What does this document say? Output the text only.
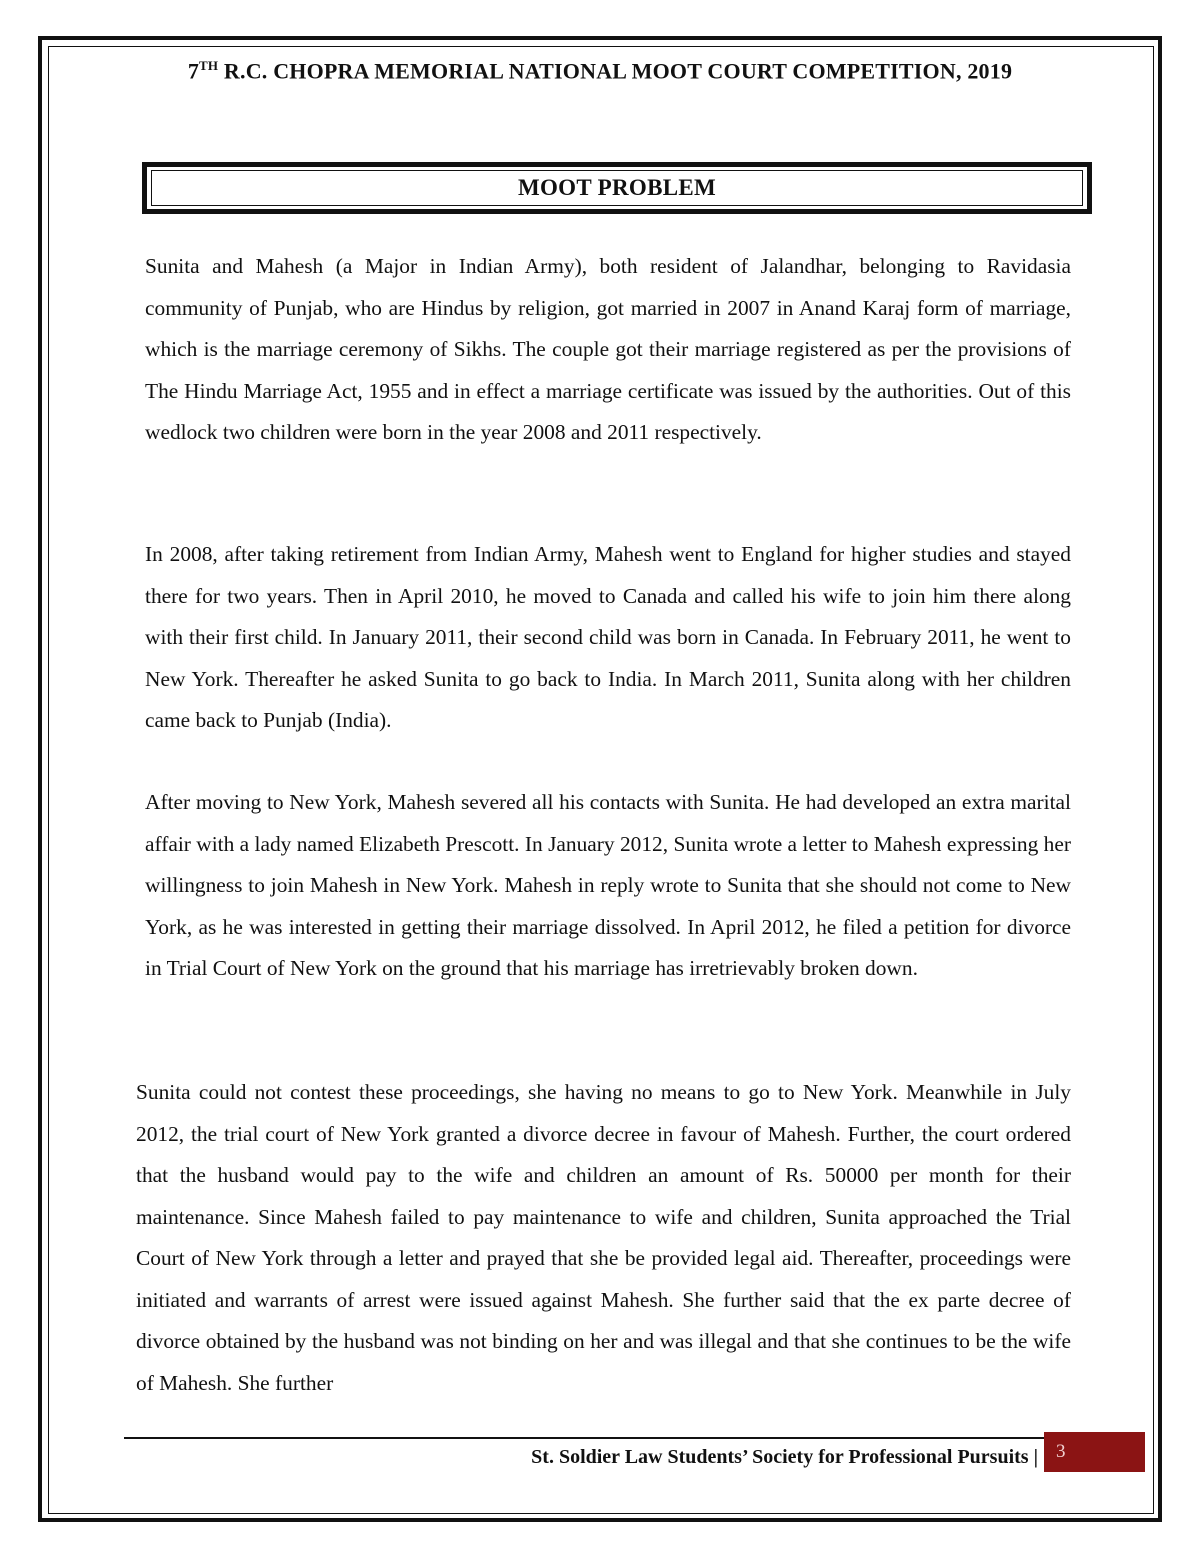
7TH R.C. CHOPRA MEMORIAL NATIONAL MOOT COURT COMPETITION, 2019
MOOT PROBLEM

Sunita and Mahesh (a Major in Indian Army), both resident of Jalandhar, belonging to Ravidasia community of Punjab, who are Hindus by religion, got married in 2007 in Anand Karaj form of marriage, which is the marriage ceremony of Sikhs. The couple got their marriage registered as per the provisions of The Hindu Marriage Act, 1955 and in effect a marriage certificate was issued by the authorities. Out of this wedlock two children were born in the year 2008 and 2011 respectively.

In 2008, after taking retirement from Indian Army, Mahesh went to England for higher studies and stayed there for two years. Then in April 2010, he moved to Canada and called his wife to join him there along with their first child. In January 2011, their second child was born in Canada. In February 2011, he went to New York. Thereafter he asked Sunita to go back to India. In March 2011, Sunita along with her children came back to Punjab (India).

After moving to New York, Mahesh severed all his contacts with Sunita. He had developed an extra marital affair with a lady named Elizabeth Prescott. In January 2012, Sunita wrote a letter to Mahesh expressing her willingness to join Mahesh in New York. Mahesh in reply wrote to Sunita that she should not come to New York, as he was interested in getting their marriage dissolved. In April 2012, he filed a petition for divorce in Trial Court of New York on the ground that his marriage has irretrievably broken down.

Sunita could not contest these proceedings, she having no means to go to New York. Meanwhile in July 2012, the trial court of New York granted a divorce decree in favour of Mahesh. Further, the court ordered that the husband would pay to the wife and children an amount of Rs. 50000 per month for their maintenance. Since Mahesh failed to pay maintenance to wife and children, Sunita approached the Trial Court of New York through a letter and prayed that she be provided legal aid. Thereafter, proceedings were initiated and warrants of arrest were issued against Mahesh. She further said that the ex parte decree of divorce obtained by the husband was not binding on her and was illegal and that she continues to be the wife of Mahesh. She further

St. Soldier Law Students’ Society for Professional Pursuits | 3
